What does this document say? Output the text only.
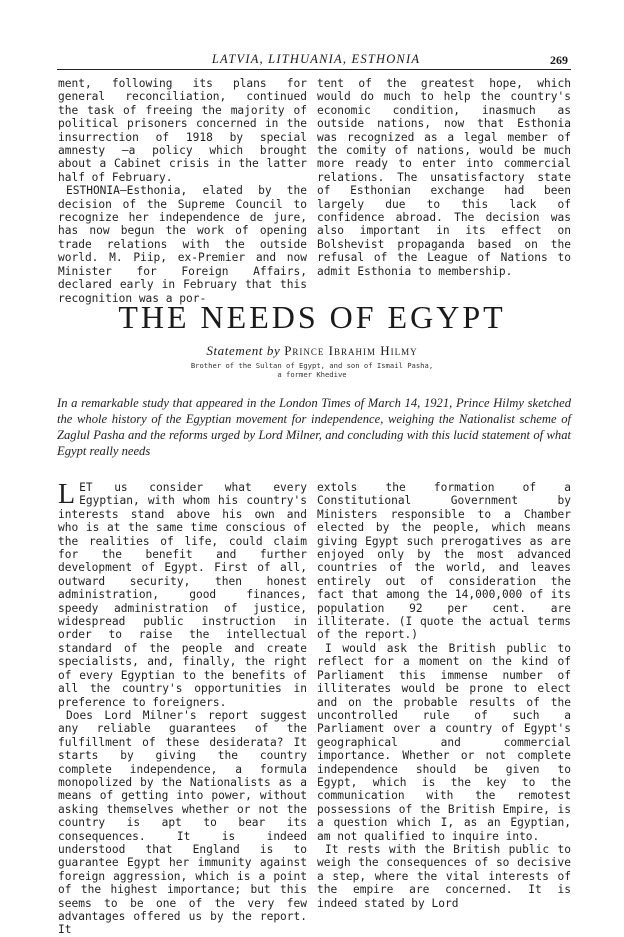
LATVIA, LITHUANIA, ESTHONIA	269

ment, following its plans for general reconciliation, continued the task of freeing the majority of political prisoners concerned in the insurrection of 1918 by special amnesty —a policy which brought about a Cabinet crisis in the latter half of February.

ESTHONIA—Esthonia, elated by the decision of the Supreme Council to recognize her independence de jure, has now begun the work of opening trade relations with the outside world. M. Piip, ex-Premier and now Minister for Foreign Affairs, declared early in February that this recognition was a por-

tent of the greatest hope, which would do much to help the country's economic condition, inasmuch as outside nations, now that Esthonia was recognized as a legal member of the comity of nations, would be much more ready to enter into commercial relations. The unsatisfactory state of Esthonian exchange had been largely due to this lack of confidence abroad. The decision was also important in its effect on Bolshevist propaganda based on the refusal of the League of Nations to admit Esthonia to membership.

THE NEEDS OF EGYPT
Statement by Prince Ibrahim Hilmy
Brother of the Sultan of Egypt, and son of Ismail Pasha,
a former Khedive
In a remarkable study that appeared in the London Times of March 14, 1921, Prince Hilmy sketched the whole history of the Egyptian movement for independence, weighing the Nationalist scheme of Zaglul Pasha and the reforms urged by Lord Milner, and concluding with this lucid statement of what Egypt really needs

LET us consider what every Egyptian, with whom his country's interests stand above his own and who is at the same time conscious of the realities of life, could claim for the benefit and further development of Egypt. First of all, outward security, then honest administration, good finances, speedy administration of justice, widespread public instruction in order to raise the intellectual standard of the people and create specialists, and, finally, the right of every Egyptian to the benefits of all the country's opportunities in preference to foreigners.

Does Lord Milner's report suggest any reliable guarantees of the fulfillment of these desiderata? It starts by giving the country complete independence, a formula monopolized by the Nationalists as a means of getting into power, without asking themselves whether or not the country is apt to bear its consequences. It is indeed understood that England is to guarantee Egypt her immunity against foreign aggression, which is a point of the highest importance; but this seems to be one of the very few advantages offered us by the report. It

extols the formation of a Constitutional Government by Ministers responsible to a Chamber elected by the people, which means giving Egypt such prerogatives as are enjoyed only by the most advanced countries of the world, and leaves entirely out of consideration the fact that among the 14,000,000 of its population 92 per cent. are illiterate. (I quote the actual terms of the report.)

I would ask the British public to reflect for a moment on the kind of Parliament this immense number of illiterates would be prone to elect and on the probable results of the uncontrolled rule of such a Parliament over a country of Egypt's geographical and commercial importance. Whether or not complete independence should be given to Egypt, which is the key to the communication with the remotest possessions of the British Empire, is a question which I, as an Egyptian, am not qualified to inquire into.

It rests with the British public to weigh the consequences of so decisive a step, where the vital interests of the empire are concerned. It is indeed stated by Lord
